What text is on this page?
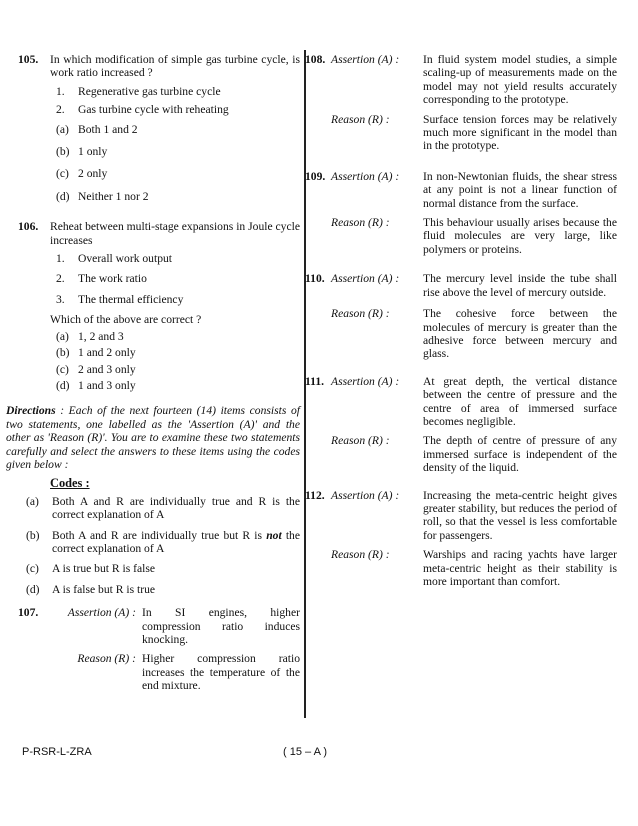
105. In which modification of simple gas turbine cycle, is work ratio increased ?
1. Regenerative gas turbine cycle
2. Gas turbine cycle with reheating
(a) Both 1 and 2
(b) 1 only
(c) 2 only
(d) Neither 1 nor 2
106. Reheat between multi-stage expansions in Joule cycle increases
1. Overall work output
2. The work ratio
3. The thermal efficiency
Which of the above are correct ?
(a) 1, 2 and 3
(b) 1 and 2 only
(c) 2 and 3 only
(d) 1 and 3 only
Directions : Each of the next fourteen (14) items consists of two statements, one labelled as the 'Assertion (A)' and the other as 'Reason (R)'. You are to examine these two statements carefully and select the answers to these items using the codes given below :
Codes :
(a) Both A and R are individually true and R is the correct explanation of A
(b) Both A and R are individually true but R is not the correct explanation of A
(c) A is true but R is false
(d) A is false but R is true
107.	Assertion (A) : In SI engines, higher compression ratio induces knocking.
Reason (R) : Higher compression ratio increases the temperature of the end mixture.
108. Assertion (A) :	In fluid system model studies, a simple scaling-up of measurements made on the model may not yield results accurately corresponding to the prototype.
Reason (R) :	Surface tension forces may be relatively much more significant in the model than in the prototype.
109. Assertion (A) :	In non-Newtonian fluids, the shear stress at any point is not a linear function of normal distance from the surface.
Reason (R) :	This behaviour usually arises because the fluid molecules are very large, like polymers or proteins.
110. Assertion (A) :	The mercury level inside the tube shall rise above the level of mercury outside.
Reason (R) :	The cohesive force between the molecules of mercury is greater than the adhesive force between mercury and glass.
111. Assertion (A) :	At great depth, the vertical distance between the centre of pressure and the centre of area of immersed surface becomes negligible.
Reason (R) :	The depth of centre of pressure of any immersed surface is independent of the density of the liquid.
112. Assertion (A) :	Increasing the meta-centric height gives greater stability, but reduces the period of roll, so that the vessel is less comfortable for passengers.
Reason (R) :	Warships and racing yachts have larger meta-centric height as their stability is more important than comfort.
P-RSR-L-ZRA	( 15 – A )
